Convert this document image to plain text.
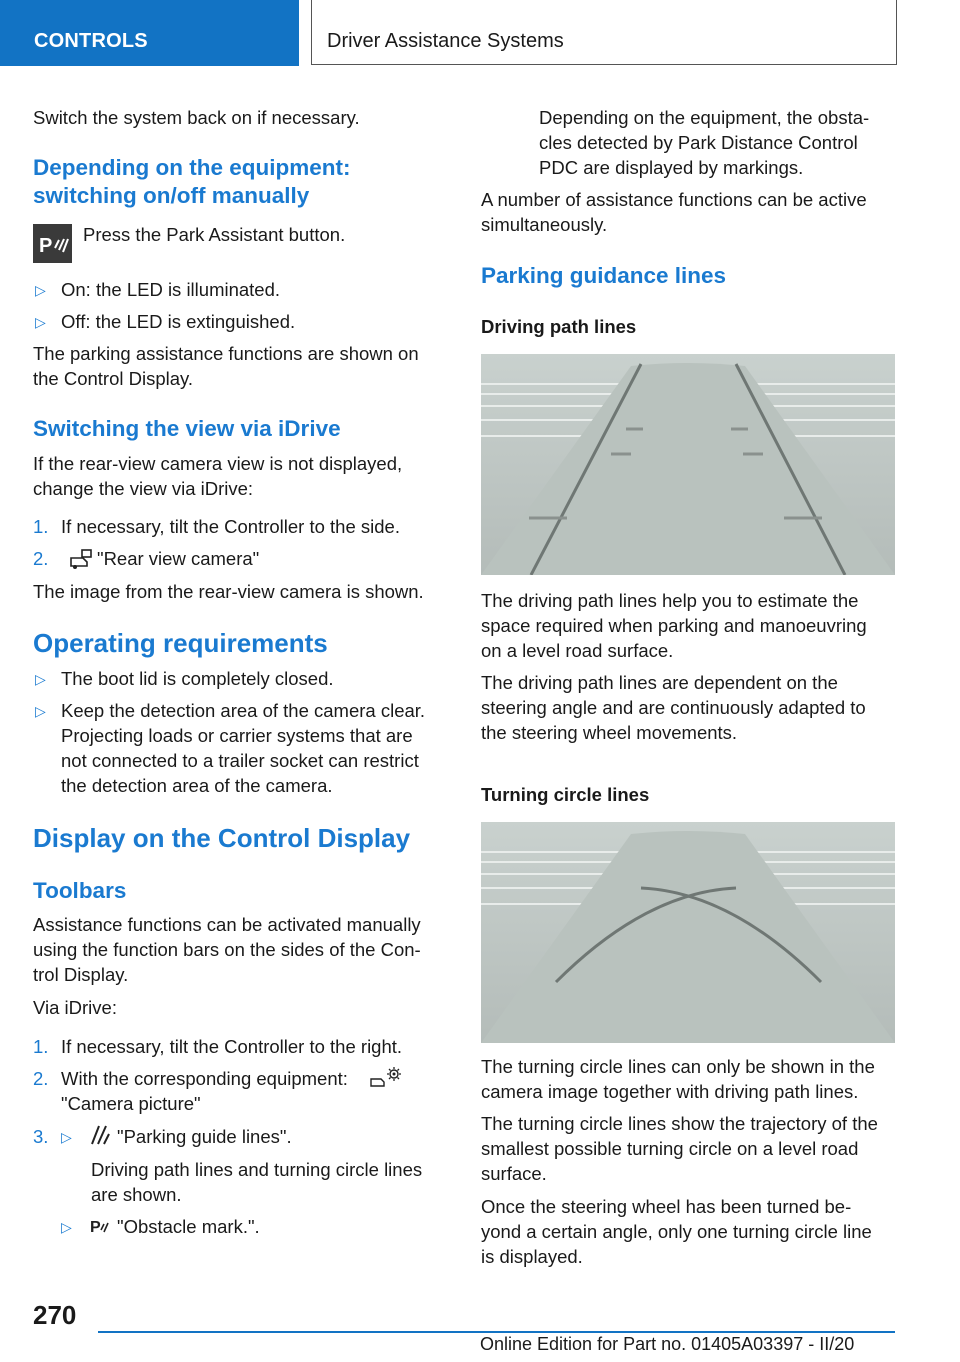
CONTROLS	Driver Assistance Systems

Switch the system back on if necessary.

Depending on the equipment:
switching on/off manually
P

Press the Park Assistant button.

▷ On: the LED is illuminated.

▷ Off: the LED is extinguished.

The parking assistance functions are shown on

the Control Display.

Switching the view via iDrive

If the rear-view camera view is not displayed,

change the view via iDrive:

1. If necessary, tilt the Controller to the side.

2.	"Rear view camera"

The image from the rear-view camera is shown.

Operating requirements
▷ The boot lid is completely closed.

▷ Keep the detection area of the camera clear.

Projecting loads or carrier systems that are

not connected to a trailer socket can restrict

the detection area of the camera.

Display on the Control Display
Toolbars

Assistance functions can be activated manually

using the function bars on the sides of the Con‐

trol Display.

Via iDrive:

1. If necessary, tilt the Controller to the right.

2. With the corresponding equipment:

"Camera picture"

3. ▷ "Parking guide lines".

Driving path lines and turning circle lines

are shown.

▷ P "Obstacle mark.".

Depending on the equipment, the obsta‐

cles detected by Park Distance Control

PDC are displayed by markings.

A number of assistance functions can be active

simultaneously.

Parking guidance lines
Driving path lines

The driving path lines help you to estimate the

space required when parking and manoeuvring

on a level road surface.

The driving path lines are dependent on the

steering angle and are continuously adapted to

the steering wheel movements.

Turning circle lines

The turning circle lines can only be shown in the

camera image together with driving path lines.

The turning circle lines show the trajectory of the

smallest possible turning circle on a level road

surface.

Once the steering wheel has been turned be‐

yond a certain angle, only one turning circle line

is displayed.

270
Online Edition for Part no. 01405A03397 - II/20
